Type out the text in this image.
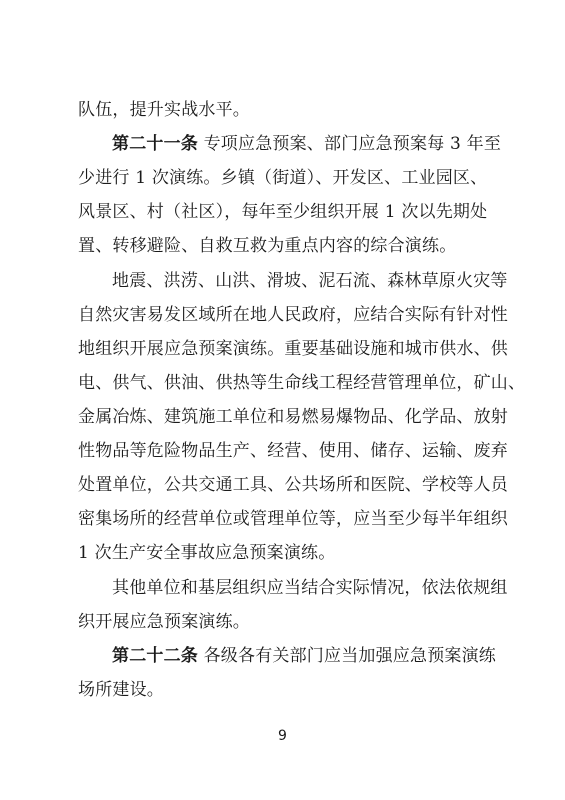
队伍，提升实战水平。
第二十一条 专项应急预案、部门应急预案每 3 年至
少进行 1 次演练。乡镇（街道）、开发区、工业园区、
风景区、村（社区），每年至少组织开展 1 次以先期处
置、转移避险、自救互救为重点内容的综合演练。
地震、洪涝、山洪、滑坡、泥石流、森林草原火灾等
自然灾害易发区域所在地人民政府，应结合实际有针对性
地组织开展应急预案演练。重要基础设施和城市供水、供
电、供气、供油、供热等生命线工程经营管理单位，矿山、
金属冶炼、建筑施工单位和易燃易爆物品、化学品、放射
性物品等危险物品生产、经营、使用、储存、运输、废弃
处置单位，公共交通工具、公共场所和医院、学校等人员
密集场所的经营单位或管理单位等，应当至少每半年组织
1 次生产安全事故应急预案演练。
其他单位和基层组织应当结合实际情况，依法依规组
织开展应急预案演练。
第二十二条 各级各有关部门应当加强应急预案演练
场所建设。
9
